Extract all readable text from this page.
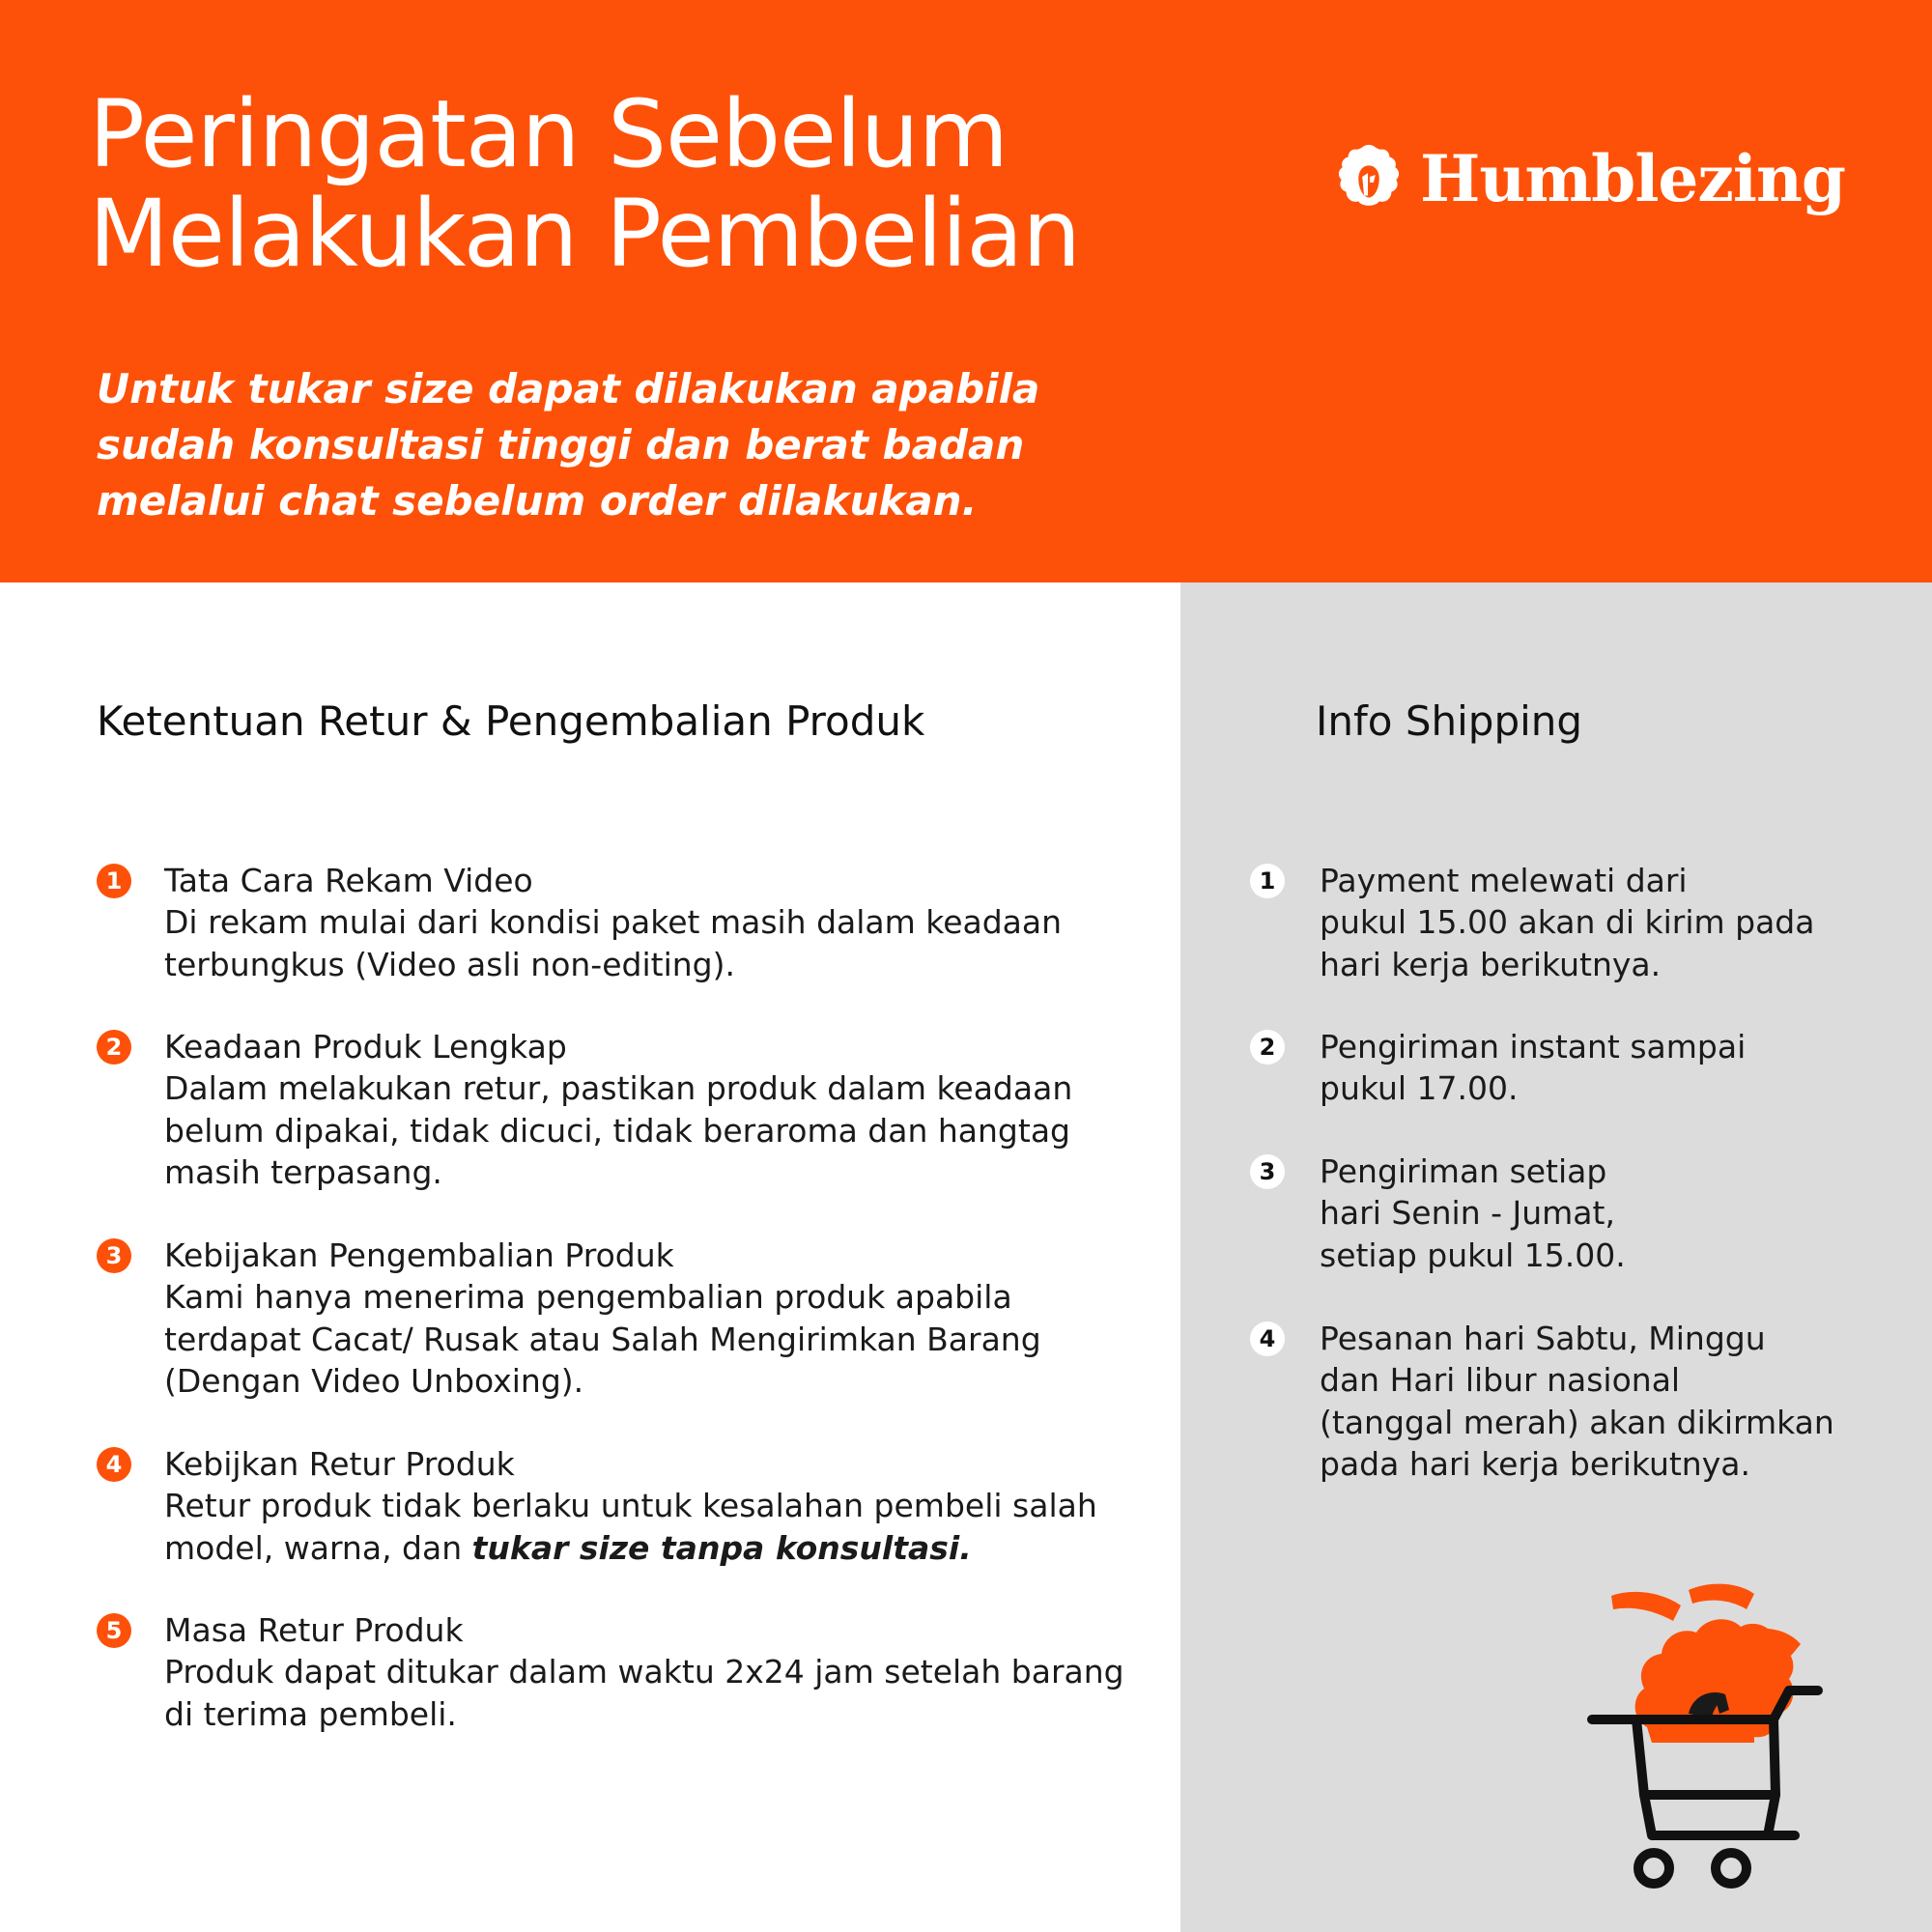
Peringatan Sebelum
Melakukan Pembelian
Humblezing

Untuk tukar size dapat dilakukan apabila
sudah konsultasi tinggi dan berat badan
melalui chat sebelum order dilakukan.

Ketentuan Retur & Pengembalian Produk
1 Tata Cara Rekam Video
Di rekam mulai dari kondisi paket masih dalam keadaan
terbungkus (Video asli non-editing).
2 Keadaan Produk Lengkap
Dalam melakukan retur, pastikan produk dalam keadaan
belum dipakai, tidak dicuci, tidak beraroma dan hangtag
masih terpasang.
3 Kebijakan Pengembalian Produk
Kami hanya menerima pengembalian produk apabila
terdapat Cacat/ Rusak atau Salah Mengirimkan Barang
(Dengan Video Unboxing).
4 Kebijkan Retur Produk
Retur produk tidak berlaku untuk kesalahan pembeli salah
model, warna, dan tukar size tanpa konsultasi.
5 Masa Retur Produk
Produk dapat ditukar dalam waktu 2x24 jam setelah barang
di terima pembeli.
Info Shipping
1 Payment melewati dari
pukul 15.00 akan di kirim pada
hari kerja berikutnya.
2 Pengiriman instant sampai
pukul 17.00.
3 Pengiriman setiap
hari Senin - Jumat,
setiap pukul 15.00.
4 Pesanan hari Sabtu, Minggu
dan Hari libur nasional
(tanggal merah) akan dikirmkan
pada hari kerja berikutnya.
